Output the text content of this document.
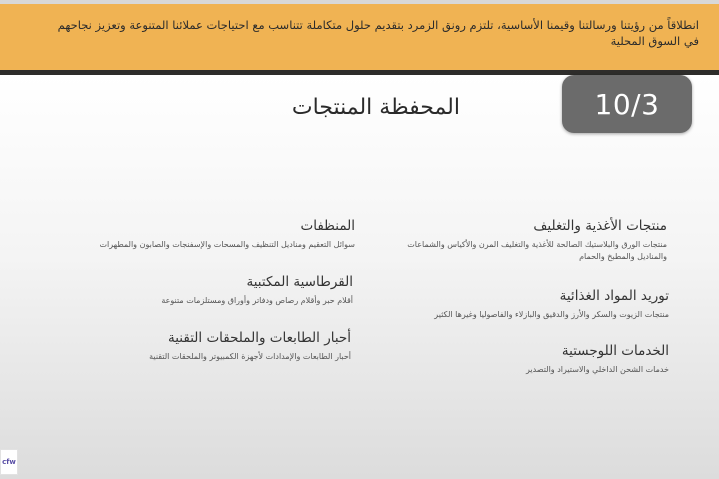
انطلاقاً من رؤيتنا ورسالتنا وقيمنا الأساسية، تلتزم رونق الزمرد بتقديم حلول متكاملة تتناسب مع احتياجات عملائنا المتنوعة وتعزيز نجاحهم في السوق المحلية
المحفظة المنتجات	10/3
منتجات الأغذية والتغليف
منتجات الورق والبلاستيك الصالحة للأغذية والتغليف المرن والأكياس والشماعات والمناديل والمطبخ والحمام
توريد المواد الغذائية
منتجات الزيوت والسكر والأرز والدقيق والبازلاء والفاصوليا وغيرها الكثير
الخدمات اللوجستية
خدمات الشحن الداخلي والاستيراد والتصدير
المنظفات
سوائل التعقيم ومناديل التنظيف والمسحات والإسفنجات والصابون والمطهرات
القرطاسية المكتبية
أقلام حبر وأقلام رصاص ودفاتر وأوراق ومستلزمات متنوعة
أحبار الطابعات والملحقات التقنية
أحبار الطابعات والإمدادات لأجهزة الكمبيوتر والملحقات التقنية
cfw
